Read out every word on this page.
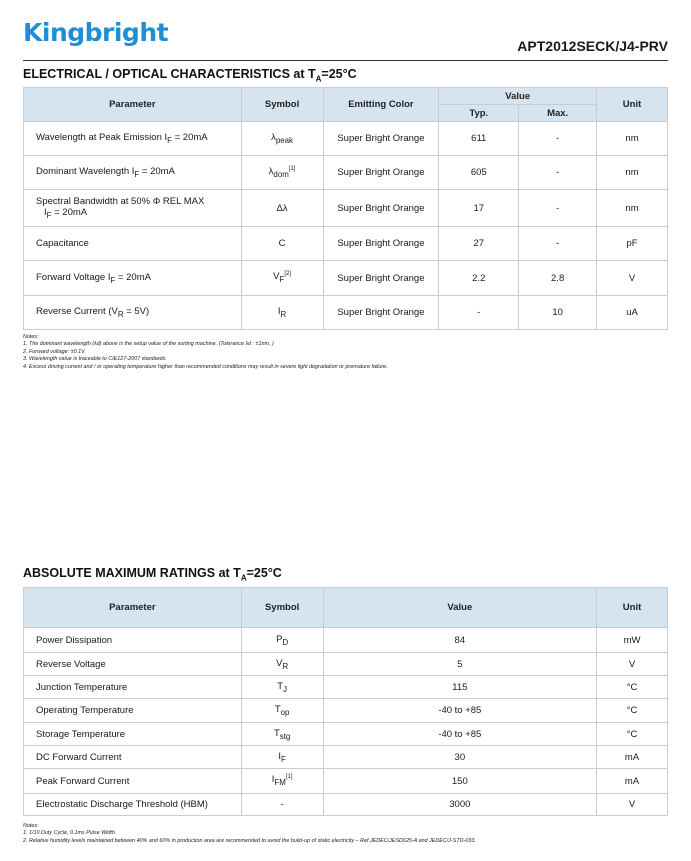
Kingbright	APT2012SECK/J4-PRV
ELECTRICAL / OPTICAL CHARACTERISTICS at $T_A=25^\circ C$
Parameter	Symbol	Emitting Color	Value		Unit
			Typ.	Max.	
Wavelength at Peak Emission $I_F = 20mA$	$\lambda_{peak}$	Super Bright Orange	611	-	nm
Dominant Wavelength $I_F = 20mA$	$\lambda_{dom}[1]$	Super Bright Orange	605	-	nm
Spectral Bandwidth at 50% Φ REL MAX
$I_F = 20mA$	Δλ	Super Bright Orange	17	-	nm
Capacitance	C	Super Bright Orange	27	-	pF
Forward Voltage $I_F = 20mA$	$V_F[2]$	Super Bright Orange	2.2	2.8	V
Reverse Current $(V_R = 5V)$	$I_R$	Super Bright Orange	-	10	uA
Notes:
1. The dominant wavelength (λd) above is the setup value of the sorting machine. (Tolerance λd : ±1nm. )
2. Forward voltage: ±0.1V.
3. Wavelength value is traceable to CIE127-2007 standards.
4. Excess driving current and / or operating temperature higher than recommended conditions may result in severe light degradation or premature failure.
ABSOLUTE MAXIMUM RATINGS at $T_A=25^\circ C$
Parameter	Symbol	Value	Unit
Power Dissipation	$P_D$	84	mW
Reverse Voltage	$V_R$	5	V
Junction Temperature	$T_J$	115	°C
Operating Temperature	$T_{op}$	-40 to +85	°C
Storage Temperature	$T_{stg}$	-40 to +85	°C
DC Forward Current	$I_F$	30	mA
Peak Forward Current	$I_{FM}[1]$	150	mA
Electrostatic Discharge Threshold (HBM)	-	3000	V
Notes:
1. 1/10 Duty Cycle, 0.1ms Pulse Width.
2. Relative humidity levels maintained between 40% and 60% in production area are recommended to avoid the build-up of static electricity – Ref JEDEC/JESD625-A and JEDEC/J-STD-033.
